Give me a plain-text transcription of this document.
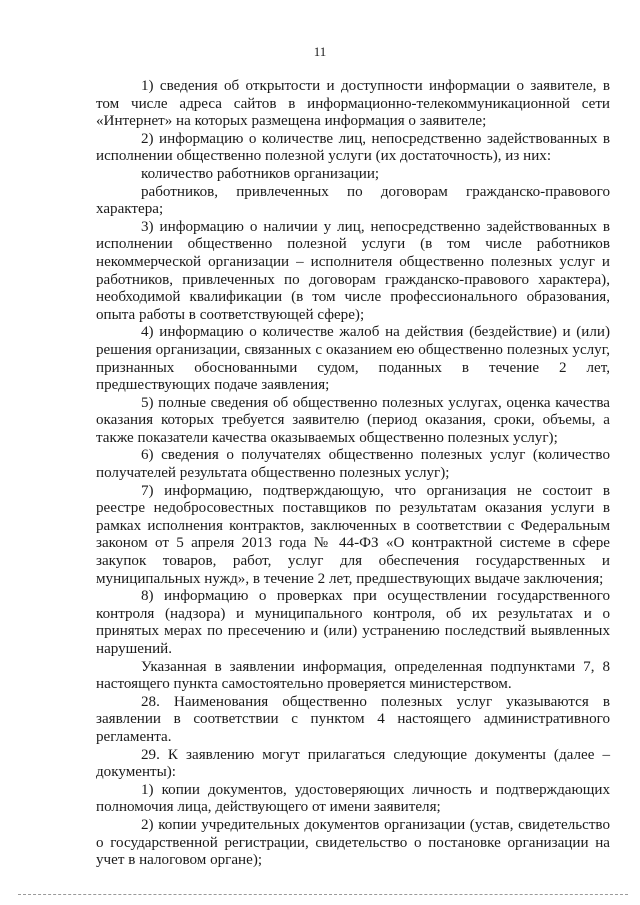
11

1) сведения об открытости и доступности информации о заявителе, в том числе адреса сайтов в информационно-телекоммуникационной сети «Интернет» на которых размещена информация о заявителе;

2) информацию о количестве лиц, непосредственно задействованных в исполнении общественно полезной услуги (их достаточность), из них:

количество работников организации;

работников, привлеченных по договорам гражданско-правового характера;

3) информацию о наличии у лиц, непосредственно задействованных в исполнении общественно полезной услуги (в том числе работников некоммерческой организации – исполнителя общественно полезных услуг и работников, привлеченных по договорам гражданско-правового характера), необходимой квалификации (в том числе профессионального образования, опыта работы в соответствующей сфере);

4) информацию о количестве жалоб на действия (бездействие) и (или) решения организации, связанных с оказанием ею общественно полезных услуг, признанных обоснованными судом, поданных в течение 2 лет, предшествующих подаче заявления;

5) полные сведения об общественно полезных услугах, оценка качества оказания которых требуется заявителю (период оказания, сроки, объемы, а также показатели качества оказываемых общественно полезных услуг);

6) сведения о получателях общественно полезных услуг (количество получателей результата общественно полезных услуг);

7) информацию, подтверждающую, что организация не состоит в реестре недобросовестных поставщиков по результатам оказания услуги в рамках исполнения контрактов, заключенных в соответствии с Федеральным законом от 5 апреля 2013 года № 44-ФЗ «О контрактной системе в сфере закупок товаров, работ, услуг для обеспечения государственных и муниципальных нужд», в течение 2 лет, предшествующих выдаче заключения;

8) информацию о проверках при осуществлении государственного контроля (надзора) и муниципального контроля, об их результатах и о принятых мерах по пресечению и (или) устранению последствий выявленных нарушений.

Указанная в заявлении информация, определенная подпунктами 7, 8 настоящего пункта самостоятельно проверяется министерством.

28. Наименования общественно полезных услуг указываются в заявлении в соответствии с пунктом 4 настоящего административного регламента.

29. К заявлению могут прилагаться следующие документы (далее – документы):

1) копии документов, удостоверяющих личность и подтверждающих полномочия лица, действующего от имени заявителя;

2) копии учредительных документов организации (устав, свидетельство о государственной регистрации, свидетельство о постановке организации на учет в налоговом органе);
